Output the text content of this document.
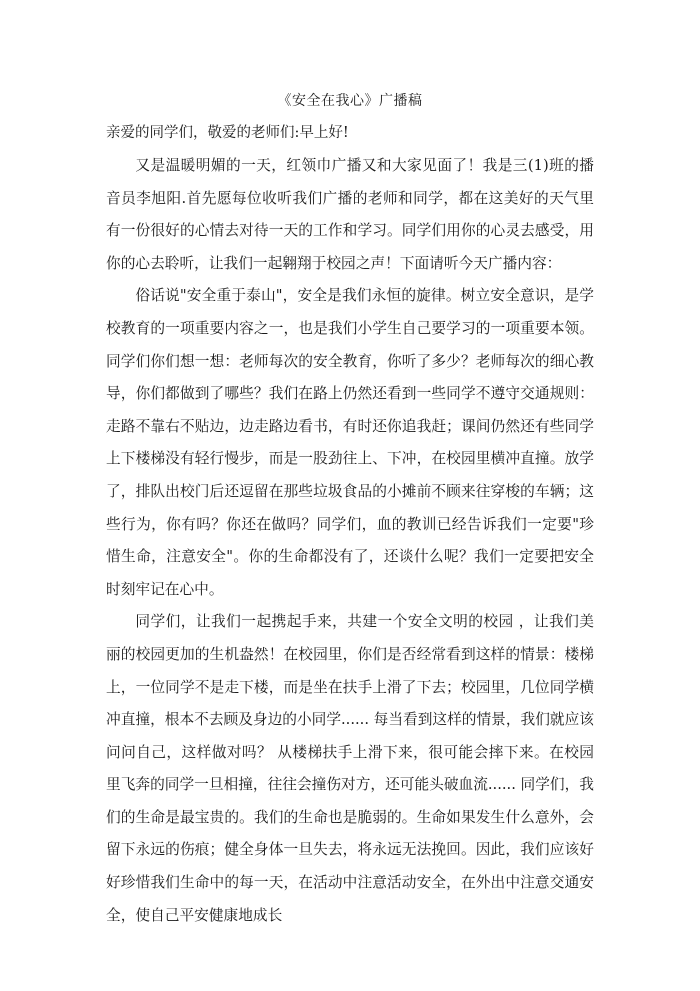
《安全在我心》广播稿
亲爱的同学们，敬爱的老师们:早上好!

又是温暖明媚的一天，红领巾广播又和大家见面了！我是三(1)班的播音员李旭阳.首先愿每位收听我们广播的老师和同学，都在这美好的天气里有一份很好的心情去对待一天的工作和学习。同学们用你的心灵去感受，用你的心去聆听，让我们一起翱翔于校园之声！下面请听今天广播内容：

俗话说"安全重于泰山"，安全是我们永恒的旋律。树立安全意识，是学校教育的一项重要内容之一，也是我们小学生自己要学习的一项重要本领。同学们你们想一想：老师每次的安全教育，你听了多少？老师每次的细心教导，你们都做到了哪些？我们在路上仍然还看到一些同学不遵守交通规则：走路不靠右不贴边，边走路边看书，有时还你追我赶；课间仍然还有些同学上下楼梯没有轻行慢步，而是一股劲往上、下冲，在校园里横冲直撞。放学了，排队出校门后还逗留在那些垃圾食品的小摊前不顾来往穿梭的车辆；这些行为，你有吗？你还在做吗？同学们，血的教训已经告诉我们一定要"珍惜生命，注意安全"。你的生命都没有了，还谈什么呢？我们一定要把安全时刻牢记在心中。

同学们，让我们一起携起手来，共建一个安全文明的校园 ，让我们美丽的校园更加的生机盎然！在校园里，你们是否经常看到这样的情景：楼梯上，一位同学不是走下楼，而是坐在扶手上滑了下去；校园里，几位同学横冲直撞，根本不去顾及身边的小同学...... 每当看到这样的情景，我们就应该问问自己，这样做对吗？ 从楼梯扶手上滑下来，很可能会摔下来。在校园里飞奔的同学一旦相撞，往往会撞伤对方，还可能头破血流...... 同学们，我们的生命是最宝贵的。我们的生命也是脆弱的。生命如果发生什么意外，会留下永远的伤痕；健全身体一旦失去，将永远无法挽回。因此，我们应该好好珍惜我们生命中的每一天，在活动中注意活动安全，在外出中注意交通安全，使自己平安健康地成长
